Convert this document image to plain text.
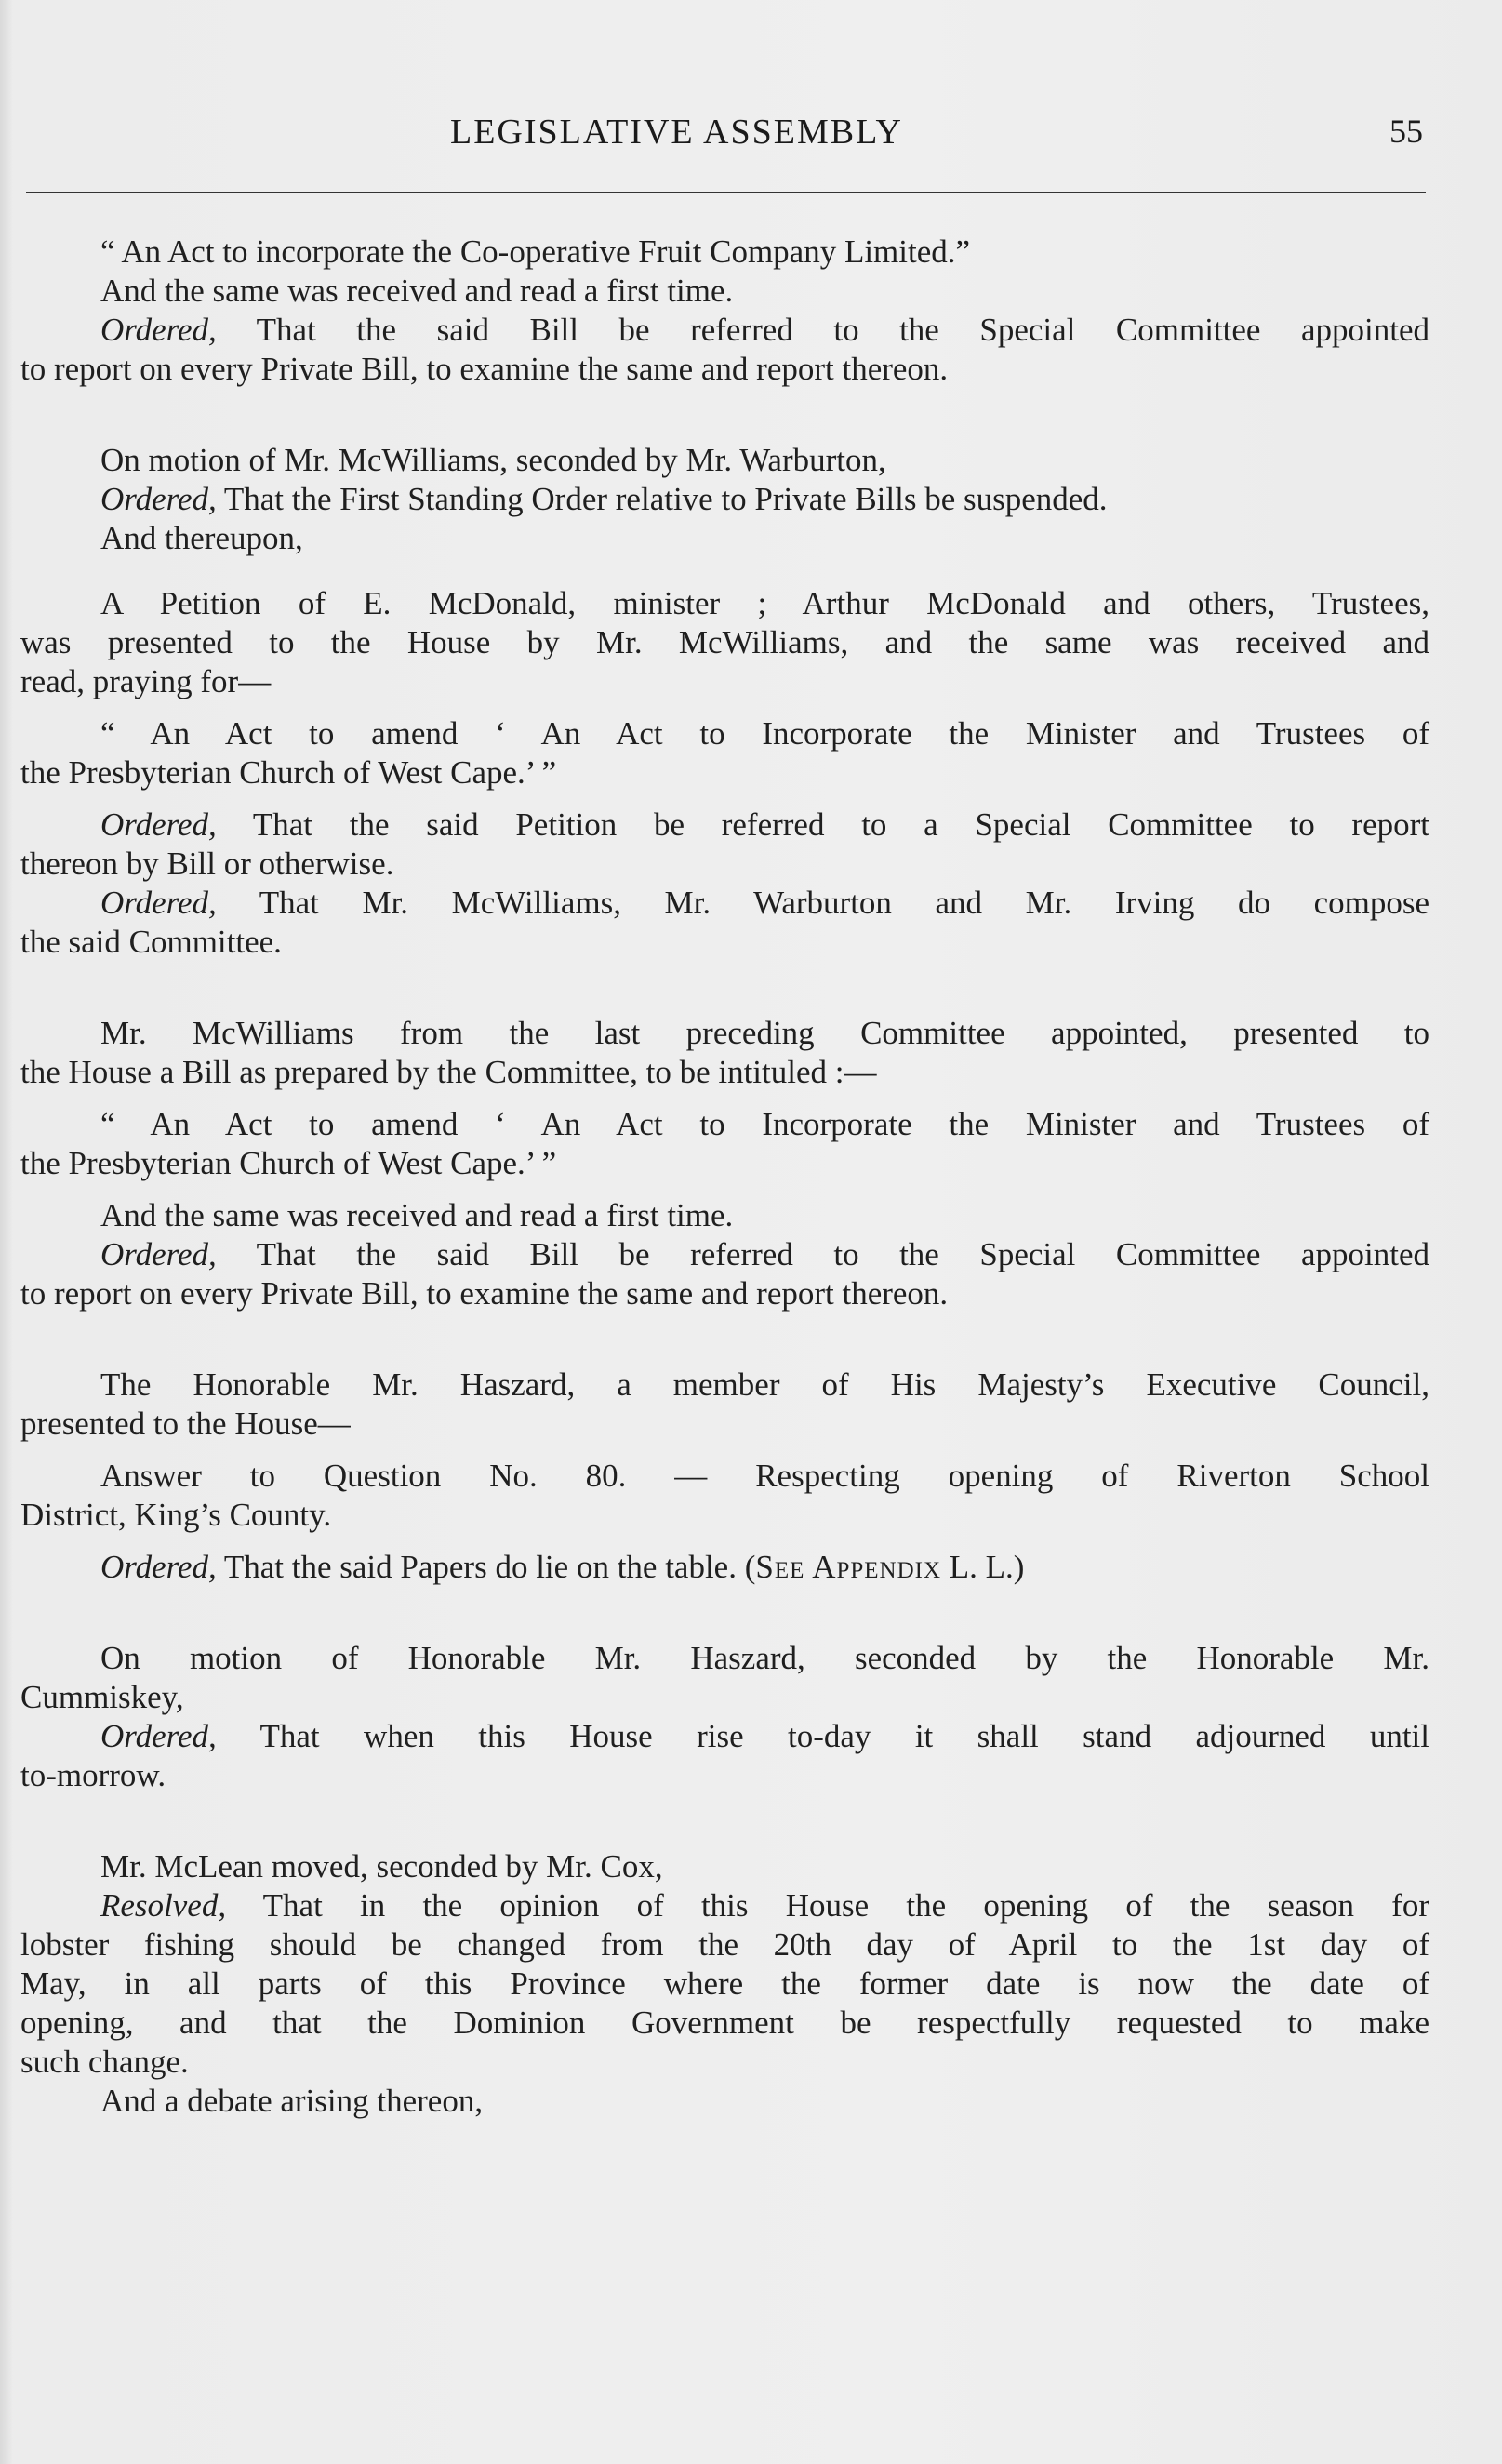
LEGISLATIVE ASSEMBLY	55
“ An Act to incorporate the Co-operative Fruit Company Limited.”
And the same was received and read a first time.
Ordered, That the said Bill be referred to the Special Committee appointed
to report on every Private Bill, to examine the same and report thereon.
On motion of Mr. McWilliams, seconded by Mr. Warburton,
Ordered, That the First Standing Order relative to Private Bills be suspended.
And thereupon,
A Petition of E. McDonald, minister ; Arthur McDonald and others, Trustees,
was presented to the House by Mr. McWilliams, and the same was received and
read, praying for—
“ An Act to amend ‘ An Act to Incorporate the Minister and Trustees of
the Presbyterian Church of West Cape.’ ”
Ordered, That the said Petition be referred to a Special Committee to report
thereon by Bill or otherwise.
Ordered, That Mr. McWilliams, Mr. Warburton and Mr. Irving do compose
the said Committee.
Mr. McWilliams from the last preceding Committee appointed, presented to
the House a Bill as prepared by the Committee, to be intituled :—
“ An Act to amend ‘ An Act to Incorporate the Minister and Trustees of
the Presbyterian Church of West Cape.’ ”
And the same was received and read a first time.
Ordered, That the said Bill be referred to the Special Committee appointed
to report on every Private Bill, to examine the same and report thereon.
The Honorable Mr. Haszard, a member of His Majesty’s Executive Council,
presented to the House—
Answer to Question No. 80. — Respecting opening of Riverton School
District, King’s County.
Ordered, That the said Papers do lie on the table. (See Appendix L. L.)
On motion of Honorable Mr. Haszard, seconded by the Honorable Mr.
Cummiskey,
Ordered, That when this House rise to-day it shall stand adjourned until
to-morrow.
Mr. McLean moved, seconded by Mr. Cox,
Resolved, That in the opinion of this House the opening of the season for
lobster fishing should be changed from the 20th day of April to the 1st day of
May, in all parts of this Province where the former date is now the date of
opening, and that the Dominion Government be respectfully requested to make
such change.
And a debate arising thereon,
